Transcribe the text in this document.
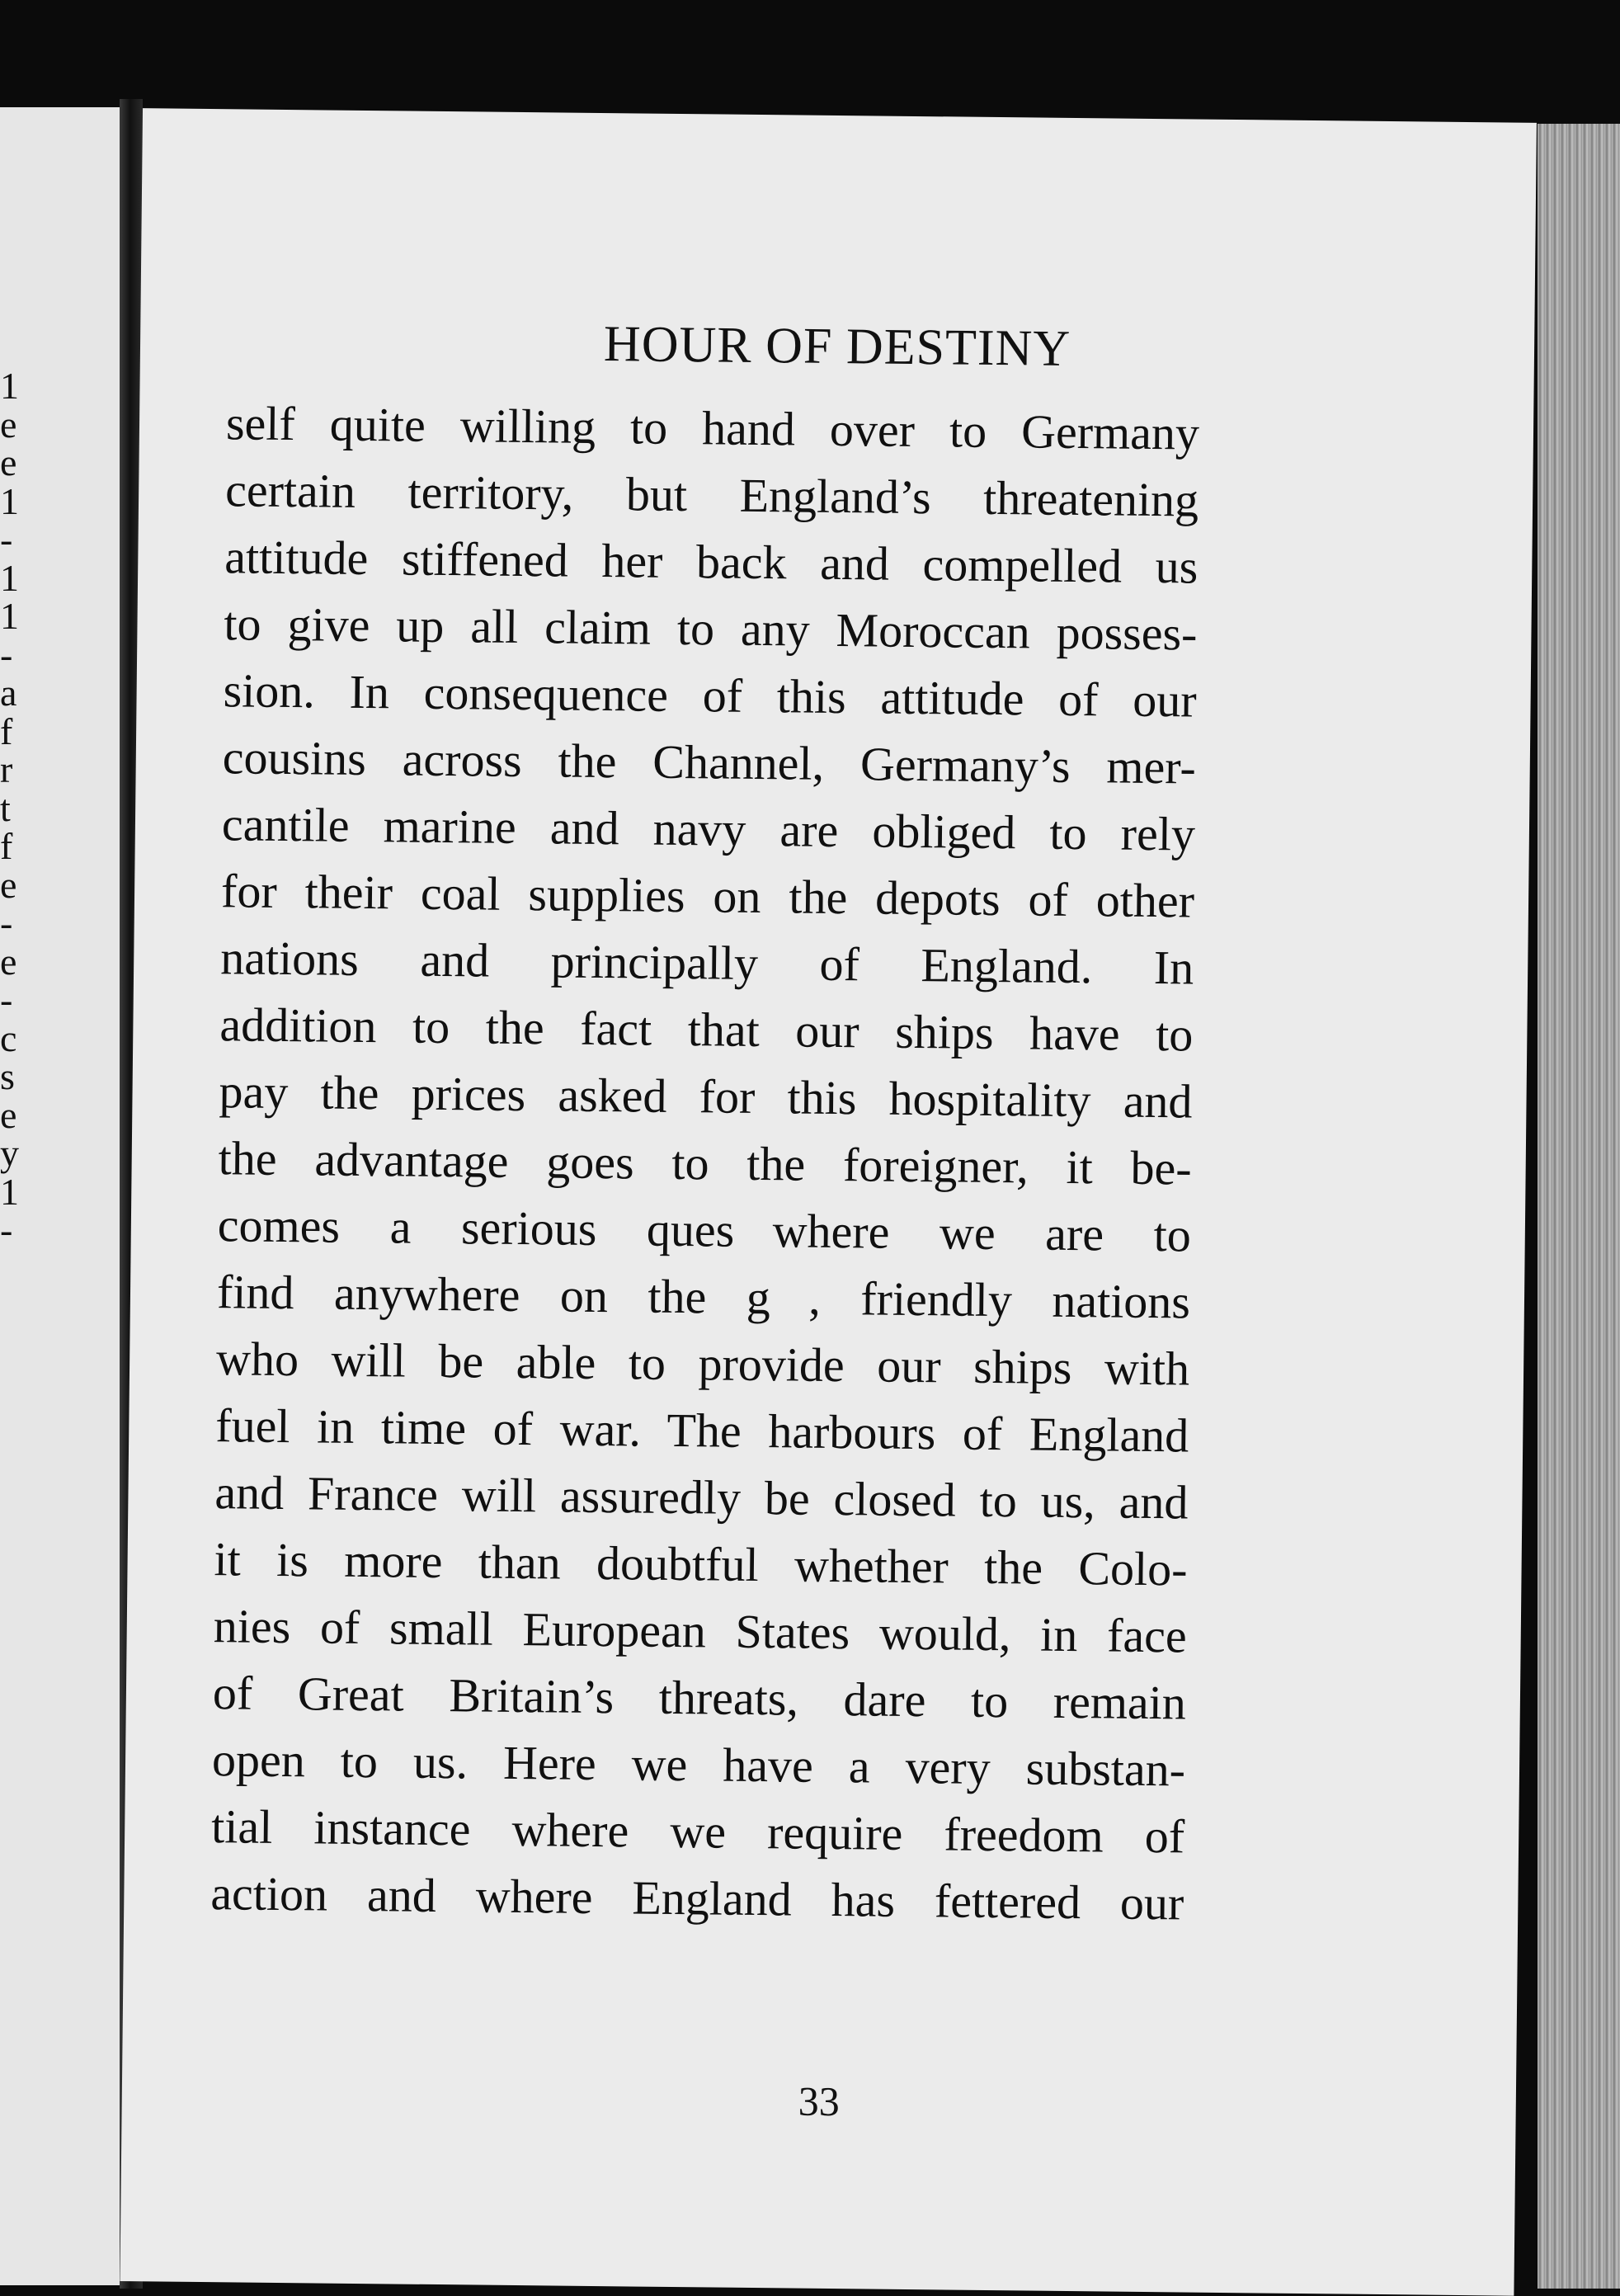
1
e
e
1
-
1
1
-
a
f
r
t
f
e
-
e
-
c
s
e
y
1
-
HOUR OF DESTINY
self quite willing to hand over to Germany
certain territory, but England’s threatening
attitude stiffened her back and compelled us
to give up all claim to any Moroccan posses-
sion. In consequence of this attitude of our
cousins across the Channel, Germany’s mer-
cantile marine and navy are obliged to rely
for their coal supplies on the depots of other
nations and principally of England. In
addition to the fact that our ships have to
pay the prices asked for this hospitality and
the advantage goes to the foreigner, it be-
comes a serious ques    where we are to
find anywhere on the g    , friendly nations
who will be able to provide our ships with
fuel in time of war. The harbours of England
and France will assuredly be closed to us, and
it is more than doubtful whether the Colo-
nies of small European States would, in face
of Great Britain’s threats, dare to remain
open to us. Here we have a very substan-
tial instance where we require freedom of
action and where England has fettered our
33
